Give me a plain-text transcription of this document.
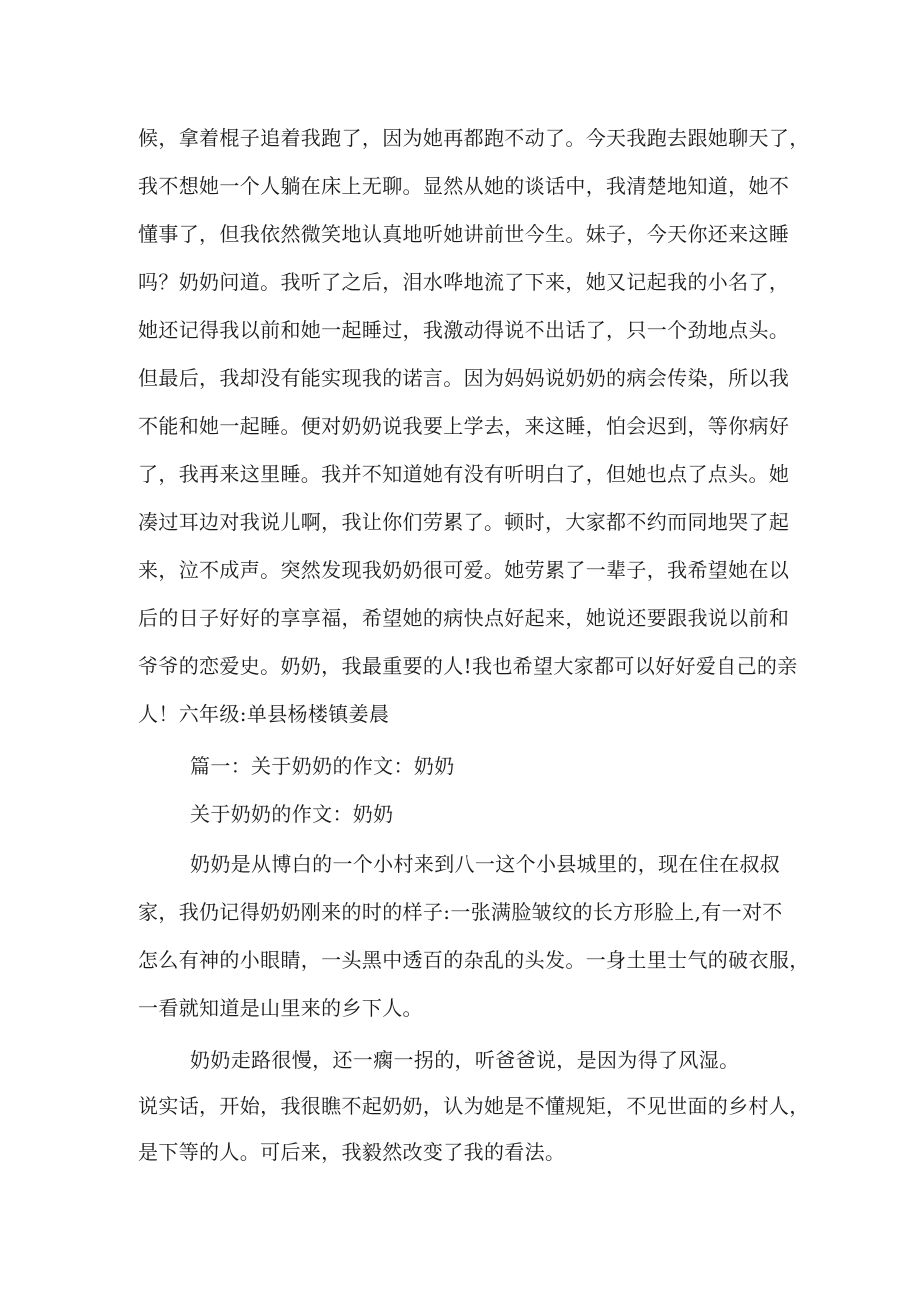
候，拿着棍子追着我跑了，因为她再都跑不动了。今天我跑去跟她聊天了，
我不想她一个人躺在床上无聊。显然从她的谈话中，我清楚地知道，她不
懂事了，但我依然微笑地认真地听她讲前世今生。妹子，今天你还来这睡
吗？奶奶问道。我听了之后，泪水哗地流了下来，她又记起我的小名了，
她还记得我以前和她一起睡过，我激动得说不出话了，只一个劲地点头。
但最后，我却没有能实现我的诺言。因为妈妈说奶奶的病会传染，所以我
不能和她一起睡。便对奶奶说我要上学去，来这睡，怕会迟到，等你病好
了，我再来这里睡。我并不知道她有没有听明白了，但她也点了点头。她
凑过耳边对我说儿啊，我让你们劳累了。顿时，大家都不约而同地哭了起
来，泣不成声。突然发现我奶奶很可爱。她劳累了一辈子，我希望她在以
后的日子好好的享享福，希望她的病快点好起来，她说还要跟我说以前和
爷爷的恋爱史。奶奶，我最重要的人!我也希望大家都可以好好爱自己的亲
人！六年级:单县杨楼镇姜晨
篇一：关于奶奶的作文：奶奶
关于奶奶的作文：奶奶
奶奶是从博白的一个小村来到八一这个小县城里的，现在住在叔叔
家，我仍记得奶奶刚来的时的样子:一张满脸皱纹的长方形脸上,有一对不
怎么有神的小眼睛，一头黑中透百的杂乱的头发。一身土里士气的破衣服，
一看就知道是山里来的乡下人。
奶奶走路很慢，还一瘸一拐的，听爸爸说，是因为得了风湿。
说实话，开始，我很瞧不起奶奶，认为她是不懂规矩，不见世面的乡村人，
是下等的人。可后来，我毅然改变了我的看法。
